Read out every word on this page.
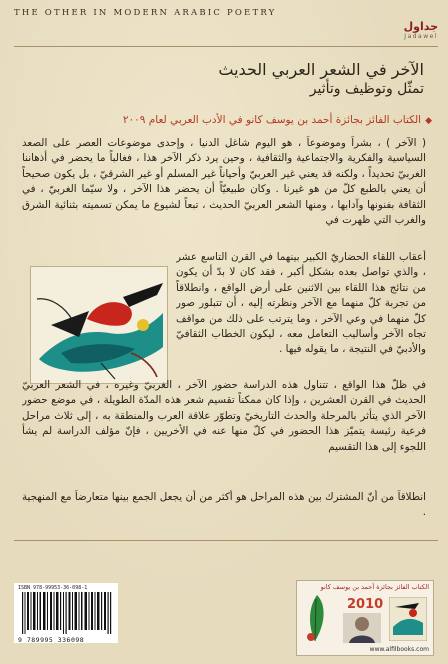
THE OTHER IN MODERN ARABIC POETRY
جداول
Jadawel
الآخر في الشعر العربي الحديث
تمثّل وتوظيف وتأثير
◆الكتاب الفائز بجائزة أحمد بن يوسف كانو في الأدب العربي لعام ٢٠٠٩
( الآخر ) ، بشراً وموضوعاً ، هو اليوم شاغل الدنيا ، وإحدى موضوعات العصر على الصعد السياسية والفكرية والاجتماعية والثقافية ، وحين يرد ذكر الآخر هذا ، فغالباً ما يحضر في أذهاننا الغربيّ تحديداً ، ولكنه قد يعني غير العربيّ وأحياناً غير المسلم أو غير الشرقيّ ، بل يكون صحيحاً أن يعني بالطبع كلّ من هو غيرنا . وكان طبيعيّاً أن يحضر هذا الآخر ، ولا سيّما الغربيّ ، في الثقافة بفنونها وآدابها ، ومنها الشعر العربيّ الحديث ، تبعاً لشيوع ما يمكن تسميته بثنائية الشرق والغرب التي ظهرت في
أعقاب اللقاء الحضاريّ الكبير بينهما في القرن التاسع عشر ، والذي تواصل بعده بشكل أكبر ، فقد كان لا بدّ أن يكون من نتائج هذا اللقاء بين الاثنين على أرض الواقع ، وانطلاقاً من تجربة كلّ منهما مع الآخر ونظرته إليه ، أن تتبلور صور كلّ منهما في وعي الآخر ، وما يترتب على ذلك من مواقف تجاه الآخر وأساليب التعامل معه ، ليكون الخطاب الثقافيّ والأدبيّ في النتيجة ، ما يقوله فيها .
في ظلّ هذا الواقع ، تتناول هذه الدراسة حضور الآخر ، الغربيّ وغيره ، في الشعر العربيّ الحديث في القرن العشرين ، وإذا كان ممكناً تقسيم شعر هذه المدّة الطويلة ، في موضع حضور الآخر الذي يتأثر بالمرحلة والحدث التاريخيّ وتطوّر علاقة العرب والمنطقة به ، إلى ثلاث مراحل فرعية رئيسة يتميّز هذا الحضور في كلّ منها عنه في الأخريين ، فإنّ مؤلف الدراسة لم يشأ اللجوء إلى هذا التقسيم
انطلاقاً من أنّ المشترك بين هذه المراحل هو أكثر من أن يجعل الجمع بينها متعارضاً مع المنهجية .
ISBN 978-99953-36-098-1
9 789995 336098
الكتاب الفائز بجائزة أحمد بن يوسف كانو
2010
www.alfilbooks.com
